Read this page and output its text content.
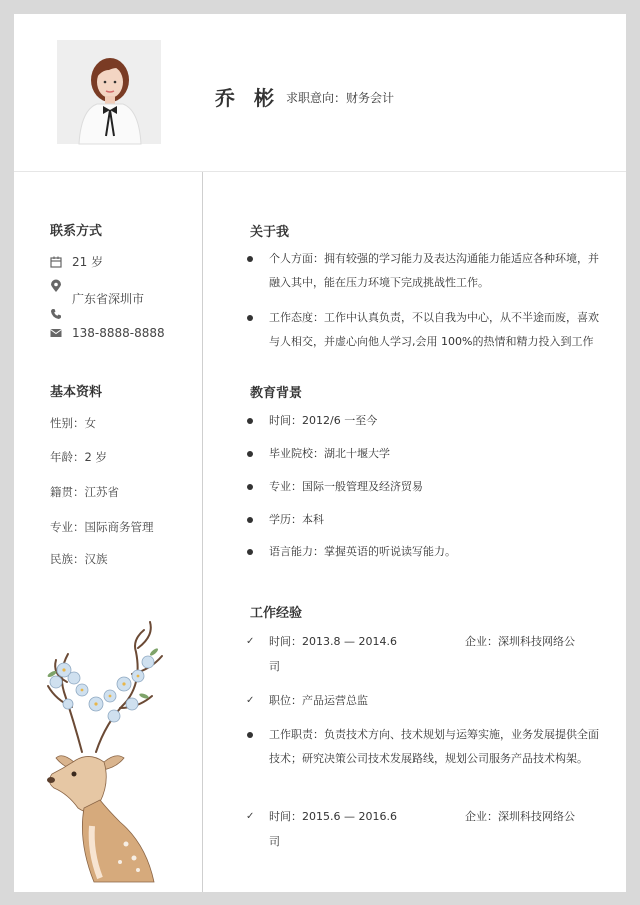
乔 彬 求职意向：财务会计
联系方式
21 岁
广东省深圳市
138-8888-8888
基本资料
性别：女
年龄：2 岁
籍贯：江苏省
专业：国际商务管理
民族：汉族
关于我
个人方面：拥有较强的学习能力及表达沟通能力能适应各种环境，并融入其中，能在压力环境下完成挑战性工作。
工作态度：工作中认真负责，不以自我为中心，从不半途而废，喜欢与人相交，并虚心向他人学习,会用 100%的热情和精力投入到工作
教育背景
时间：2012/6 一至今
毕业院校：湖北十堰大学
专业：国际一般管理及经济贸易
学历：本科
语言能力：掌握英语的听说读写能力。
工作经验
✓ 时间：2013.8 — 2014.6	企业：深圳科技网络公
司
✓ 职位：产品运营总监
工作职责：负责技术方向、技术规划与运筹实施，业务发展提供全面技术；研究决策公司技术发展路线，规划公司服务产品技术构架。
✓ 时间：2015.6 — 2016.6	企业：深圳科技网络公
司
